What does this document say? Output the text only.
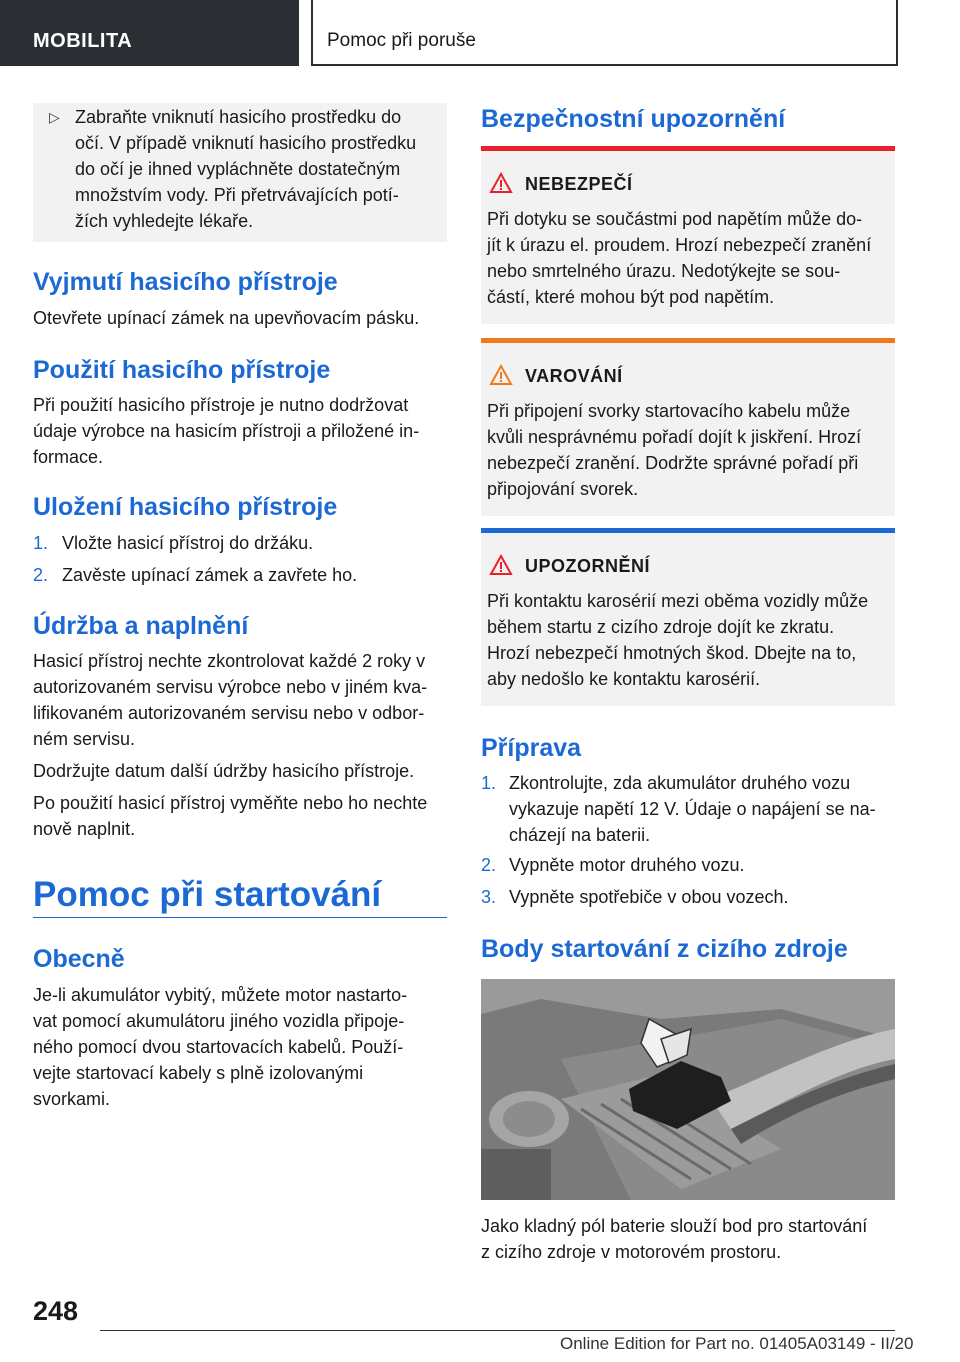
MOBILITA	Pomoc při poruše
▷ Zabraňte vniknutí hasicího prostředku do
očí. V případě vniknutí hasicího prostředku
do očí je ihned vypláchněte dostatečným
množstvím vody. Při přetrvávajících potí-
žích vyhledejte lékaře.
Vyjmutí hasicího přístroje
Otevřete upínací zámek na upevňovacím pásku.
Použití hasicího přístroje
Při použití hasicího přístroje je nutno dodržovat
údaje výrobce na hasicím přístroji a přiložené in-
formace.
Uložení hasicího přístroje
1. Vložte hasicí přístroj do držáku.
2. Zavěste upínací zámek a zavřete ho.
Údržba a naplnění
Hasicí přístroj nechte zkontrolovat každé 2 roky v
autorizovaném servisu výrobce nebo v jiném kva-
lifikovaném autorizovaném servisu nebo v odbor-
ném servisu.
Dodržujte datum další údržby hasicího přístroje.
Po použití hasicí přístroj vyměňte nebo ho nechte
nově naplnit.
Pomoc při startování
Obecně
Je-li akumulátor vybitý, můžete motor nastarto-
vat pomocí akumulátoru jiného vozidla připoje-
ného pomocí dvou startovacích kabelů. Použí-
vejte startovací kabely s plně izolovanými
svorkami.
Bezpečnostní upozornění
NEBEZPEČÍ
Při dotyku se součástmi pod napětím může do-
jít k úrazu el. proudem. Hrozí nebezpečí zranění
nebo smrtelného úrazu. Nedotýkejte se sou-
částí, které mohou být pod napětím.
VAROVÁNÍ
Při připojení svorky startovacího kabelu může
kvůli nesprávnému pořadí dojít k jiskření. Hrozí
nebezpečí zranění. Dodržte správné pořadí při
připojování svorek.
UPOZORNĚNÍ
Při kontaktu karosérií mezi oběma vozidly může
během startu z cizího zdroje dojít ke zkratu.
Hrozí nebezpečí hmotných škod. Dbejte na to,
aby nedošlo ke kontaktu karosérií.
Příprava
1. Zkontrolujte, zda akumulátor druhého vozu
vykazuje napětí 12 V. Údaje o napájení se na-
cházejí na baterii.
2. Vypněte motor druhého vozu.
3. Vypněte spotřebiče v obou vozech.
Body startování z cizího zdroje
Jako kladný pól baterie slouží bod pro startování
z cizího zdroje v motorovém prostoru.
248
Online Edition for Part no. 01405A03149 - II/20
